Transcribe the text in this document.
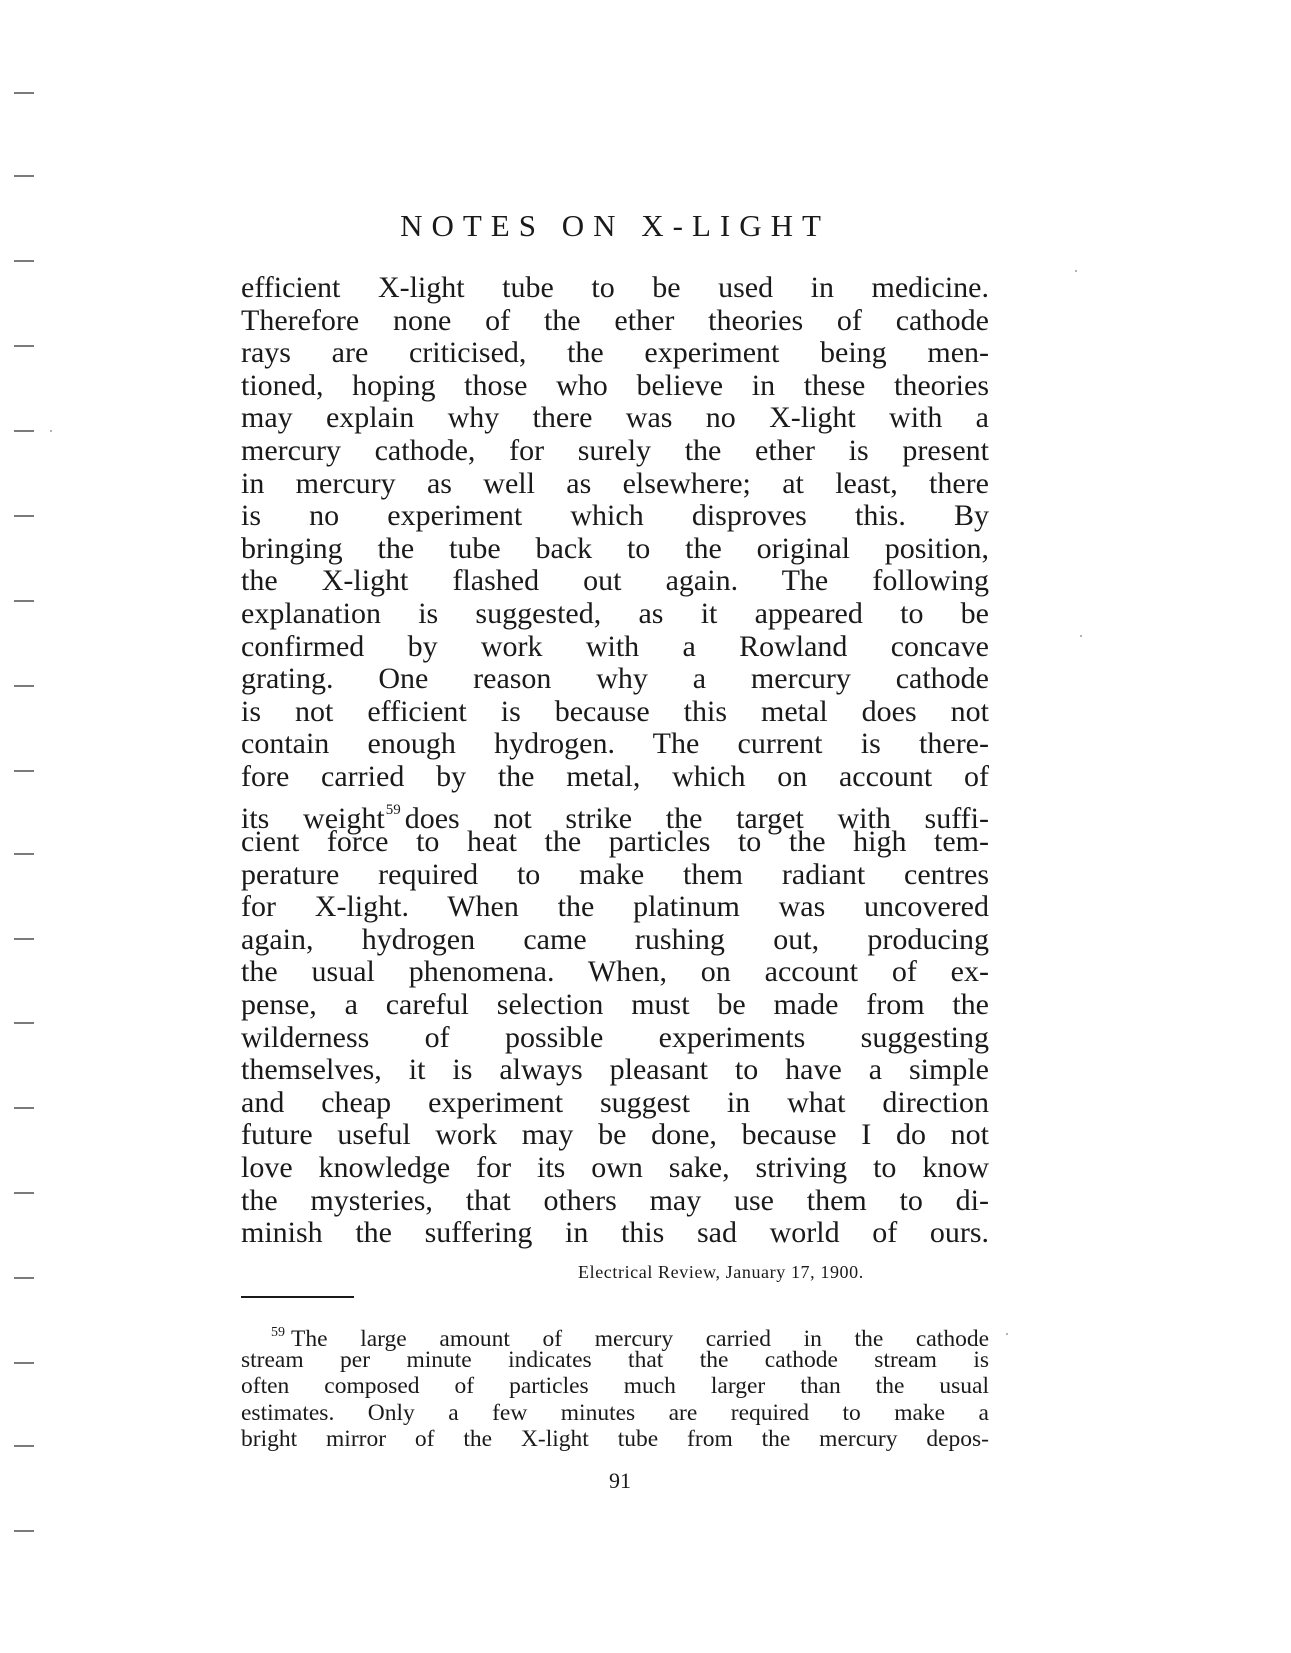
NOTES ON X-LIGHT
efficient X-light tube to be used in medicine.
Therefore none of the ether theories of cathode
rays are criticised, the experiment being men-
tioned, hoping those who believe in these theories
may explain why there was no X-light with a
mercury cathode, for surely the ether is present
in mercury as well as elsewhere; at least, there
is no experiment which disproves this. By
bringing the tube back to the original position,
the X-light flashed out again. The following
explanation is suggested, as it appeared to be
confirmed by work with a Rowland concave
grating. One reason why a mercury cathode
is not efficient is because this metal does not
contain enough hydrogen. The current is there-
fore carried by the metal, which on account of
its weight$^{59}$ does not strike the target with suffi-
cient force to heat the particles to the high tem-
perature required to make them radiant centres
for X-light. When the platinum was uncovered
again, hydrogen came rushing out, producing
the usual phenomena. When, on account of ex-
pense, a careful selection must be made from the
wilderness of possible experiments suggesting
themselves, it is always pleasant to have a simple
and cheap experiment suggest in what direction
future useful work may be done, because I do not
love knowledge for its own sake, striving to know
the mysteries, that others may use them to di-
minish the suffering in this sad world of ours.
Electrical Review, January 17, 1900.
$^{59}$ The large amount of mercury carried in the cathode
stream per minute indicates that the cathode stream is
often composed of particles much larger than the usual
estimates. Only a few minutes are required to make a
bright mirror of the X-light tube from the mercury depos-
91
